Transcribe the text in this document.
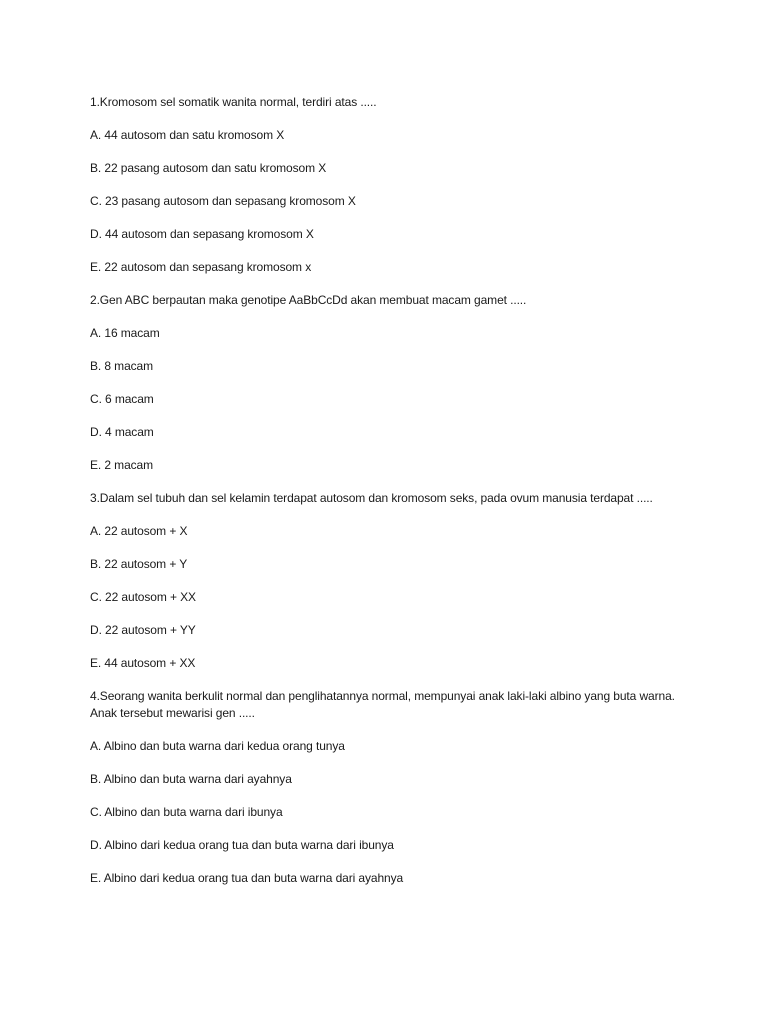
1.Kromosom sel somatik wanita normal, terdiri atas .....

A. 44 autosom dan satu kromosom X

B. 22 pasang autosom dan satu kromosom X

C. 23 pasang autosom dan sepasang kromosom X

D. 44 autosom dan sepasang kromosom X

E. 22 autosom dan sepasang kromosom x

2.Gen ABC berpautan maka genotipe AaBbCcDd akan membuat macam gamet .....

A. 16 macam

B. 8 macam

C. 6 macam

D. 4 macam

E. 2 macam

3.Dalam sel tubuh dan sel kelamin terdapat autosom dan kromosom seks, pada ovum manusia terdapat .....

A. 22 autosom + X

B. 22 autosom + Y

C. 22 autosom + XX

D. 22 autosom + YY

E. 44 autosom + XX

4.Seorang wanita berkulit normal dan penglihatannya normal, mempunyai anak laki-laki albino yang buta warna. Anak tersebut mewarisi gen .....

A. Albino dan buta warna dari kedua orang tunya

B. Albino dan buta warna dari ayahnya

C. Albino dan buta warna dari ibunya

D. Albino dari kedua orang tua dan buta warna dari ibunya

E. Albino dari kedua orang tua dan buta warna dari ayahnya
